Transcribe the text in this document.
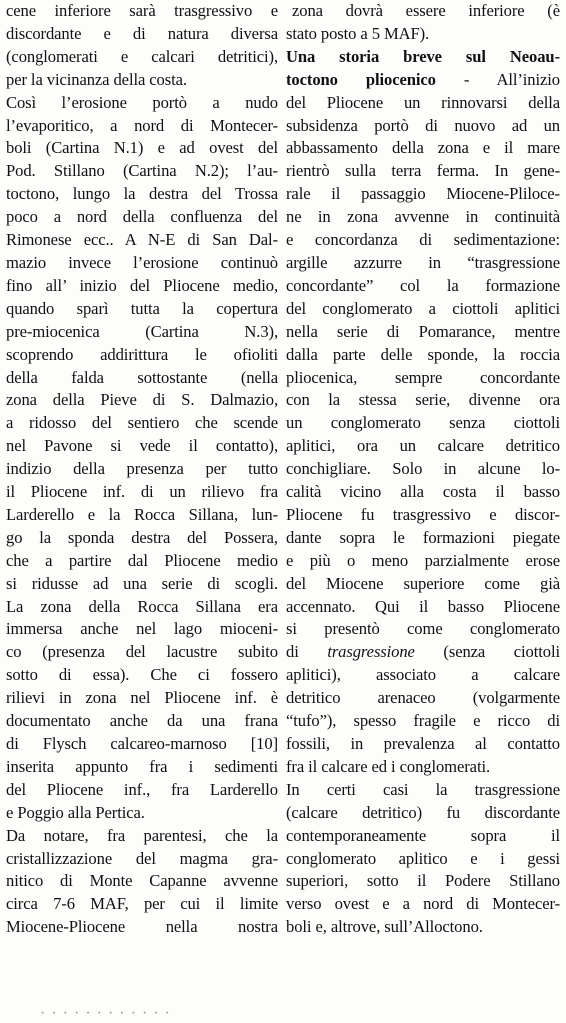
cene inferiore sarà trasgressivo e
discordante e di natura diversa
(conglomerati e calcari detritici),
per la vicinanza della costa.
Così l’erosione portò a nudo
l’evaporitico, a nord di Montecer-
boli (Cartina N.1) e ad ovest del
Pod. Stillano (Cartina N.2); l’au-
toctono, lungo la destra del Trossa
poco a nord della confluenza del
Rimonese ecc.. A N-E di San Dal-
mazio invece l’erosione continuò
fino all’ inizio del Pliocene medio,
quando sparì tutta la copertura
pre-miocenica (Cartina N.3),
scoprendo addirittura le ofioliti
della falda sottostante (nella
zona della Pieve di S. Dalmazio,
a ridosso del sentiero che scende
nel Pavone si vede il contatto),
indizio della presenza per tutto
il Pliocene inf. di un rilievo fra
Larderello e la Rocca Sillana, lun-
go la sponda destra del Possera,
che a partire dal Pliocene medio
si ridusse ad una serie di scogli.
La zona della Rocca Sillana era
immersa anche nel lago mioceni-
co (presenza del lacustre subito
sotto di essa). Che ci fossero
rilievi in zona nel Pliocene inf. è
documentato anche da una frana
di Flysch calcareo-marnoso [10]
inserita appunto fra i sedimenti
del Pliocene inf., fra Larderello
e Poggio alla Pertica.
Da notare, fra parentesi, che la
cristallizzazione del magma gra-
nitico di Monte Capanne avvenne
circa 7-6 MAF, per cui il limite
Miocene-Pliocene nella nostra
zona dovrà essere inferiore (è
stato posto a 5 MAF).
Una storia breve sul Neoau-
toctono pliocenico - All’inizio
del Pliocene un rinnovarsi della
subsidenza portò di nuovo ad un
abbassamento della zona e il mare
rientrò sulla terra ferma. In gene-
rale il passaggio Miocene-Pliloce-
ne in zona avvenne in continuità
e concordanza di sedimentazione:
argille azzurre in “trasgressione
concordante” col la formazione
del conglomerato a ciottoli aplitici
nella serie di Pomarance, mentre
dalla parte delle sponde, la roccia
pliocenica, sempre concordante
con la stessa serie, divenne ora
un conglomerato senza ciottoli
aplitici, ora un calcare detritico
conchigliare. Solo in alcune lo-
calità vicino alla costa il basso
Pliocene fu trasgressivo e discor-
dante sopra le formazioni piegate
e più o meno parzialmente erose
del Miocene superiore come già
accennato. Qui il basso Pliocene
si presentò come conglomerato
di trasgressione (senza ciottoli
aplitici), associato a calcare
detritico arenaceo (volgarmente
“tufo”), spesso fragile e ricco di
fossili, in prevalenza al contatto
fra il calcare ed i conglomerati.
In certi casi la trasgressione
(calcare detritico) fu discordante
contemporaneamente sopra il
conglomerato aplitico e i gessi
superiori, sotto il Podere Stillano
verso ovest e a nord di Montecer-
boli e, altrove, sull’Alloctono.
· · · · · · · · · · · ·
